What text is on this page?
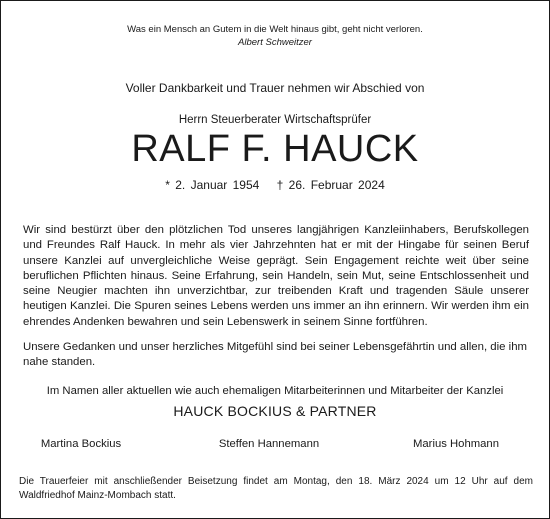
Was ein Mensch an Gutem in die Welt hinaus gibt, geht nicht verloren.
Albert Schweitzer
Voller Dankbarkeit und Trauer nehmen wir Abschied von
Herrn Steuerberater Wirtschaftsprüfer
RALF F. HAUCK
* 2. Januar 1954 † 26. Februar 2024
Wir sind bestürzt über den plötzlichen Tod unseres langjährigen Kanzleiinhabers, Berufskollegen und Freundes Ralf Hauck. In mehr als vier Jahrzehnten hat er mit der Hingabe für seinen Beruf unsere Kanzlei auf unvergleichliche Weise geprägt. Sein Engagement reichte weit über seine beruflichen Pflichten hinaus. Seine Erfahrung, sein Handeln, sein Mut, seine Entschlossenheit und seine Neugier machten ihn unverzichtbar, zur treibenden Kraft und tragenden Säule unserer heutigen Kanzlei. Die Spuren seines Lebens werden uns immer an ihn erinnern. Wir werden ihm ein ehrendes Andenken bewahren und sein Lebenswerk in seinem Sinne fortführen.
Unsere Gedanken und unser herzliches Mitgefühl sind bei seiner Lebensgefährtin und allen, die ihm nahe standen.
Im Namen aller aktuellen wie auch ehemaligen Mitarbeiterinnen und Mitarbeiter der Kanzlei
HAUCK BOCKIUS & PARTNER
Martina Bockius	Steffen Hannemann	Marius Hohmann
Die Trauerfeier mit anschließender Beisetzung findet am Montag, den 18. März 2024 um 12 Uhr auf dem Waldfriedhof Mainz-Mombach statt.
